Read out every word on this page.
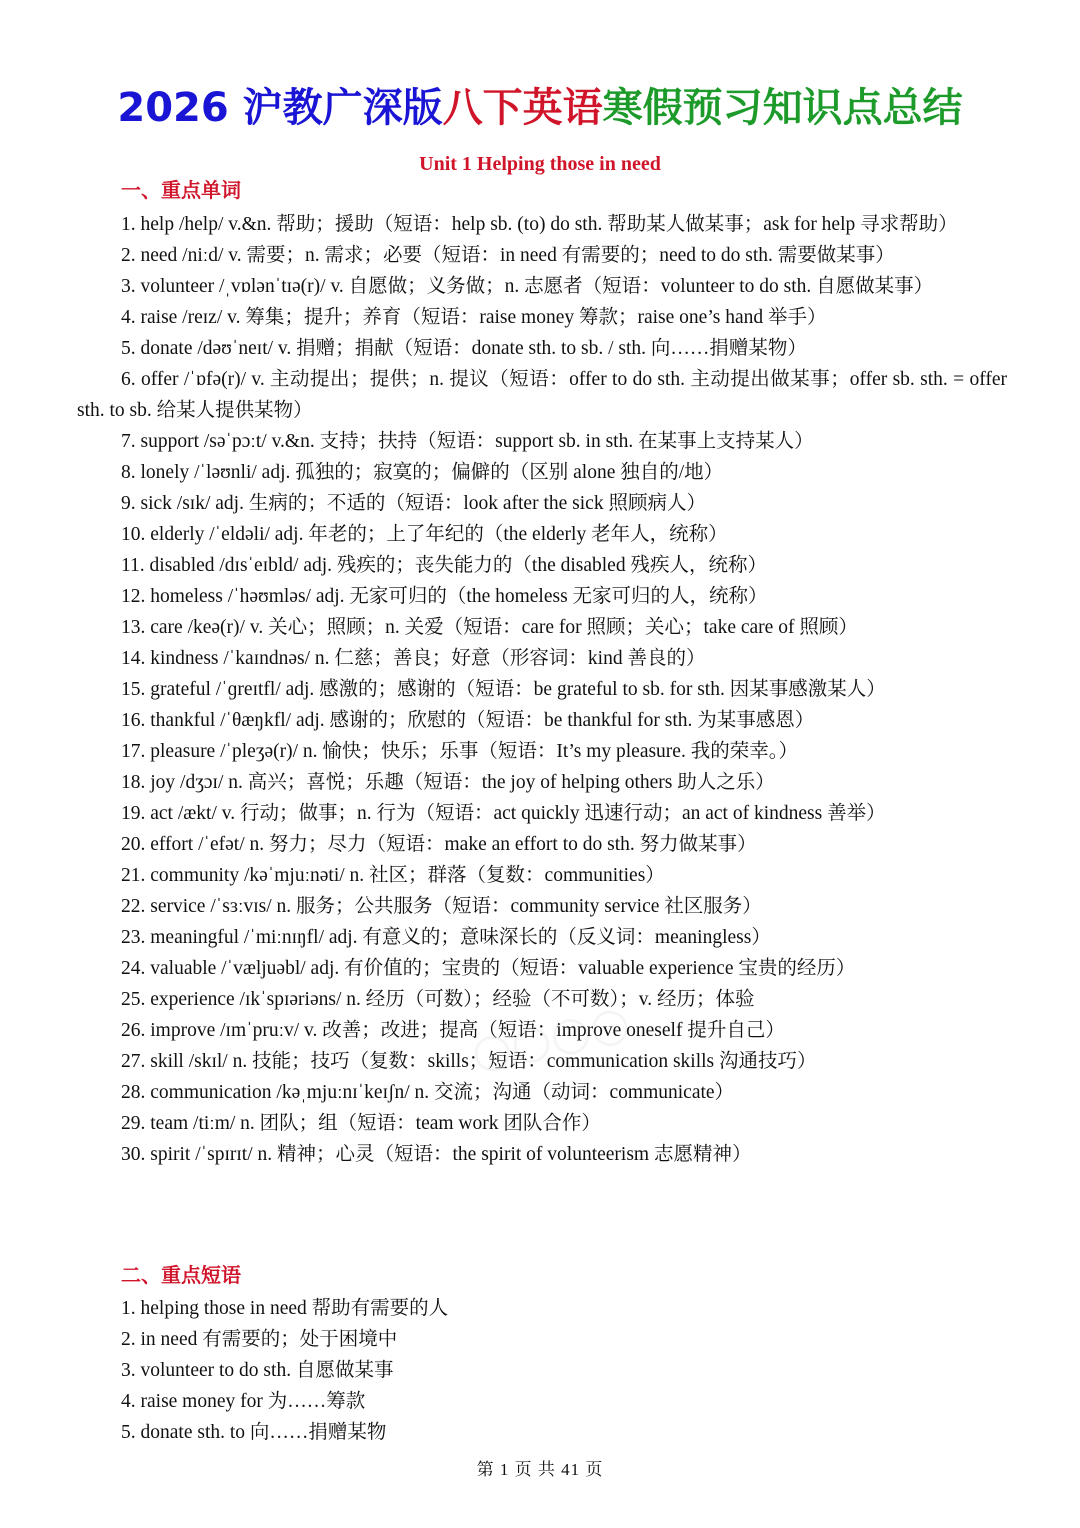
2026 沪教广深版八下英语寒假预习知识点总结
Unit 1 Helping those in need
一、重点单词
1. help /help/ v.&n. 帮助；援助（短语：help sb. (to) do sth. 帮助某人做某事；ask for help 寻求帮助）
2. need /niːd/ v. 需要；n. 需求；必要（短语：in need 有需要的；need to do sth. 需要做某事）
3. volunteer /ˌvɒlənˈtɪə(r)/ v. 自愿做；义务做；n. 志愿者（短语：volunteer to do sth. 自愿做某事）
4. raise /reɪz/ v. 筹集；提升；养育（短语：raise money 筹款；raise one’s hand 举手）
5. donate /dəʊˈneɪt/ v. 捐赠；捐献（短语：donate sth. to sb. / sth. 向……捐赠某物）
6. offer /ˈɒfə(r)/ v. 主动提出；提供；n. 提议（短语：offer to do sth. 主动提出做某事；offer sb. sth. = offer sth. to sb. 给某人提供某物）
7. support /səˈpɔːt/ v.&n. 支持；扶持（短语：support sb. in sth. 在某事上支持某人）
8. lonely /ˈləʊnli/ adj. 孤独的；寂寞的；偏僻的（区别 alone 独自的/地）
9. sick /sɪk/ adj. 生病的；不适的（短语：look after the sick 照顾病人）
10. elderly /ˈeldəli/ adj. 年老的；上了年纪的（the elderly 老年人，统称）
11. disabled /dɪsˈeɪbld/ adj. 残疾的；丧失能力的（the disabled 残疾人，统称）
12. homeless /ˈhəʊmləs/ adj. 无家可归的（the homeless 无家可归的人，统称）
13. care /keə(r)/ v. 关心；照顾；n. 关爱（短语：care for 照顾；关心；take care of 照顾）
14. kindness /ˈkaɪndnəs/ n. 仁慈；善良；好意（形容词：kind 善良的）
15. grateful /ˈɡreɪtfl/ adj. 感激的；感谢的（短语：be grateful to sb. for sth. 因某事感激某人）
16. thankful /ˈθæŋkfl/ adj. 感谢的；欣慰的（短语：be thankful for sth. 为某事感恩）
17. pleasure /ˈpleʒə(r)/ n. 愉快；快乐；乐事（短语：It’s my pleasure. 我的荣幸。）
18. joy /dʒɔɪ/ n. 高兴；喜悦；乐趣（短语：the joy of helping others 助人之乐）
19. act /ækt/ v. 行动；做事；n. 行为（短语：act quickly 迅速行动；an act of kindness 善举）
20. effort /ˈefət/ n. 努力；尽力（短语：make an effort to do sth. 努力做某事）
21. community /kəˈmjuːnəti/ n. 社区；群落（复数：communities）
22. service /ˈsɜːvɪs/ n. 服务；公共服务（短语：community service 社区服务）
23. meaningful /ˈmiːnɪŋfl/ adj. 有意义的；意味深长的（反义词：meaningless）
24. valuable /ˈvæljuəbl/ adj. 有价值的；宝贵的（短语：valuable experience 宝贵的经历）
25. experience /ɪkˈspɪəriəns/ n. 经历（可数）；经验（不可数）；v. 经历；体验
26. improve /ɪmˈpruːv/ v. 改善；改进；提高（短语：improve oneself 提升自己）
27. skill /skɪl/ n. 技能；技巧（复数：skills；短语：communication skills 沟通技巧）
28. communication /kəˌmjuːnɪˈkeɪʃn/ n. 交流；沟通（动词：communicate）
29. team /tiːm/ n. 团队；组（短语：team work 团队合作）
30. spirit /ˈspɪrɪt/ n. 精神；心灵（短语：the spirit of volunteerism 志愿精神）
二、重点短语
1. helping those in need 帮助有需要的人
2. in need 有需要的；处于困境中
3. volunteer to do sth. 自愿做某事
4. raise money for 为……筹款
5. donate sth. to 向……捐赠某物
○○○○
第 1 页 共 41 页
